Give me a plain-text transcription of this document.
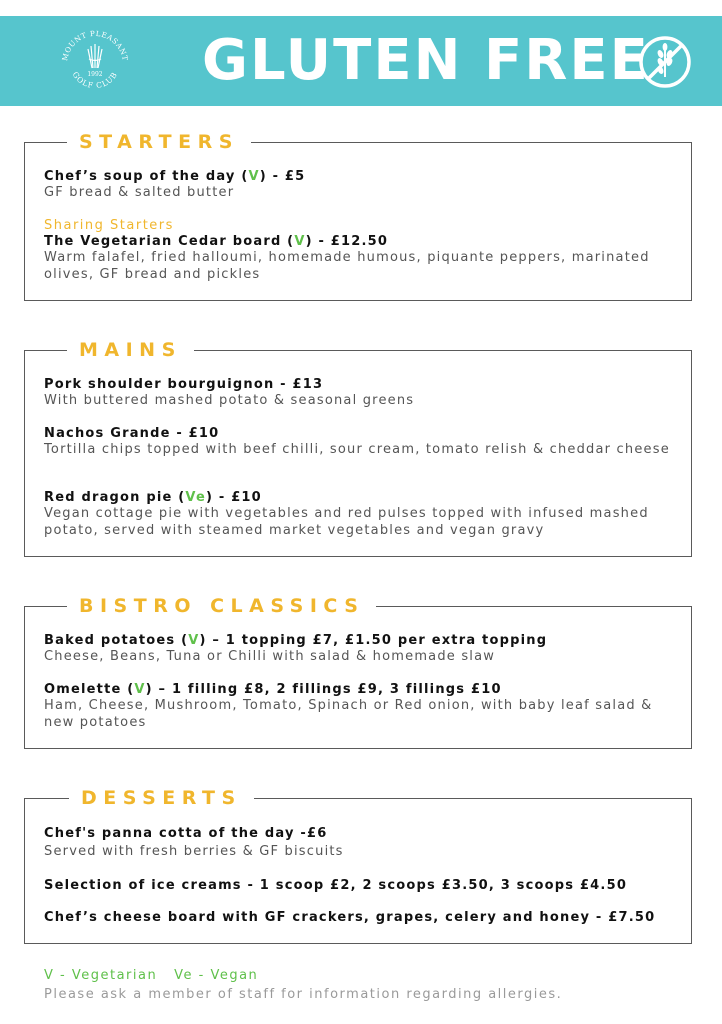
MOUNT PLEASANT
GOLF CLUB
1992 GLUTEN FREE
STARTERS
Chef’s soup of the day (V) - £5
GF bread & salted butter
Sharing Starters
The Vegetarian Cedar board (V) - £12.50
Warm falafel, fried halloumi, homemade humous, piquante peppers, marinated olives, GF bread and pickles
MAINS
Pork shoulder bourguignon - £13
With buttered mashed potato & seasonal greens
Nachos Grande - £10
Tortilla chips topped with beef chilli, sour cream, tomato relish & cheddar cheese
Red dragon pie (Ve) - £10
Vegan cottage pie with vegetables and red pulses topped with infused mashed potato, served with steamed market vegetables and vegan gravy
BISTRO CLASSICS
Baked potatoes (V) – 1 topping £7, £1.50 per extra topping
Cheese, Beans, Tuna or Chilli with salad & homemade slaw
Omelette (V) – 1 filling £8, 2 fillings £9, 3 fillings £10
Ham, Cheese, Mushroom, Tomato, Spinach or Red onion, with baby leaf salad & new potatoes
DESSERTS
Chef's panna cotta of the day -£6
Served with fresh berries & GF biscuits
Selection of ice creams - 1 scoop £2, 2 scoops £3.50, 3 scoops £4.50
Chef’s cheese board with GF crackers, grapes, celery and honey - £7.50
V - Vegetarian   Ve - Vegan
Please ask a member of staff for information regarding allergies.
